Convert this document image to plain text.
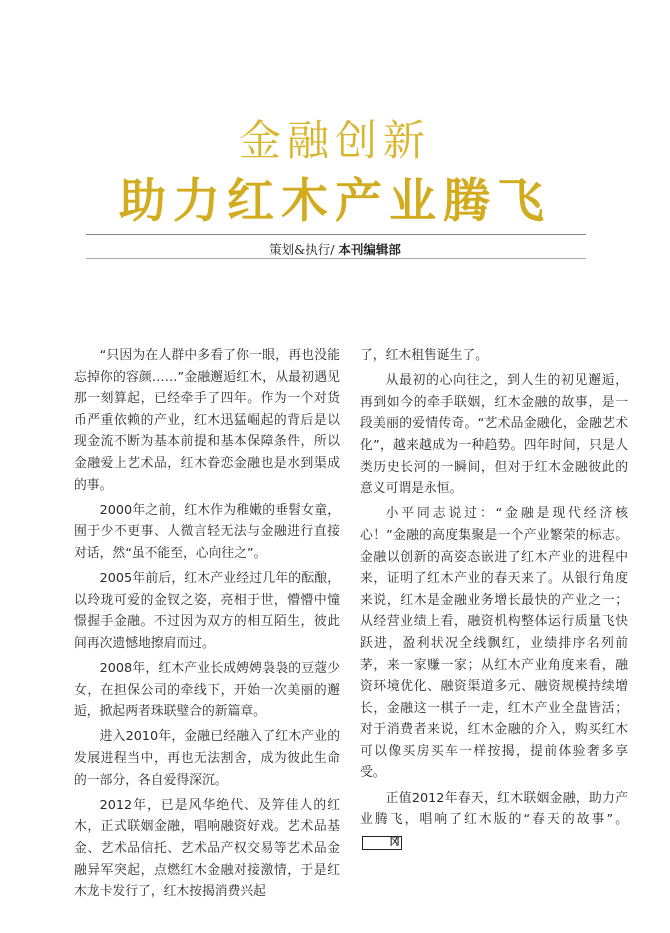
金融创新
助力红木产业腾飞
策划&执行/ 本刊编辑部

“只因为在人群中多看了你一眼，再也没能忘掉你的容颜……”金融邂逅红木，从最初遇见那一刻算起，已经牵手了四年。作为一个对货币严重依赖的产业，红木迅猛崛起的背后是以现金流不断为基本前提和基本保障条件，所以金融爱上艺术品，红木眷恋金融也是水到渠成的事。

2000年之前，红木作为稚嫩的垂髫女童，囿于少不更事、人微言轻无法与金融进行直接对话，然“虽不能至，心向往之”。

2005年前后，红木产业经过几年的酝酿，以玲珑可爱的金钗之姿，亮相于世，懵懵中憧憬握手金融。不过因为双方的相互陌生，彼此间再次遗憾地擦肩而过。

2008年，红木产业长成娉娉袅袅的豆蔻少女，在担保公司的牵线下，开始一次美丽的邂逅，掀起两者珠联璧合的新篇章。

进入2010年，金融已经融入了红木产业的发展进程当中，再也无法割舍，成为彼此生命的一部分，各自爱得深沉。

2012年，已是风华绝代、及笄佳人的红木，正式联姻金融，唱响融资好戏。艺术品基金、艺术品信托、艺术品产权交易等艺术品金融异军突起，点燃红木金融对接激情，于是红木龙卡发行了，红木按揭消费兴起

了，红木租售诞生了。

从最初的心向往之，到人生的初见邂逅，再到如今的牵手联姻，红木金融的故事，是一段美丽的爱情传奇。“艺术品金融化，金融艺术化”，越来越成为一种趋势。四年时间，只是人类历史长河的一瞬间，但对于红木金融彼此的意义可谓是永恒。

小平同志说过：“金融是现代经济核心！”金融的高度集聚是一个产业繁荣的标志。金融以创新的高姿态嵌进了红木产业的进程中来，证明了红木产业的春天来了。从银行角度来说，红木是金融业务增长最快的产业之一；从经营业绩上看，融资机构整体运行质量飞快跃进，盈利状况全线飘红，业绩排序名列前茅，来一家赚一家；从红木产业角度来看，融资环境优化、融资渠道多元、融资规模持续增长，金融这一棋子一走，红木产业全盘皆活；对于消费者来说，红木金融的介入，购买红木可以像买房买车一样按揭，提前体验奢多享受。

正值2012年春天，红木联姻金融，助力产业腾飞，唱响了红木版的“春天的故事”。冈
